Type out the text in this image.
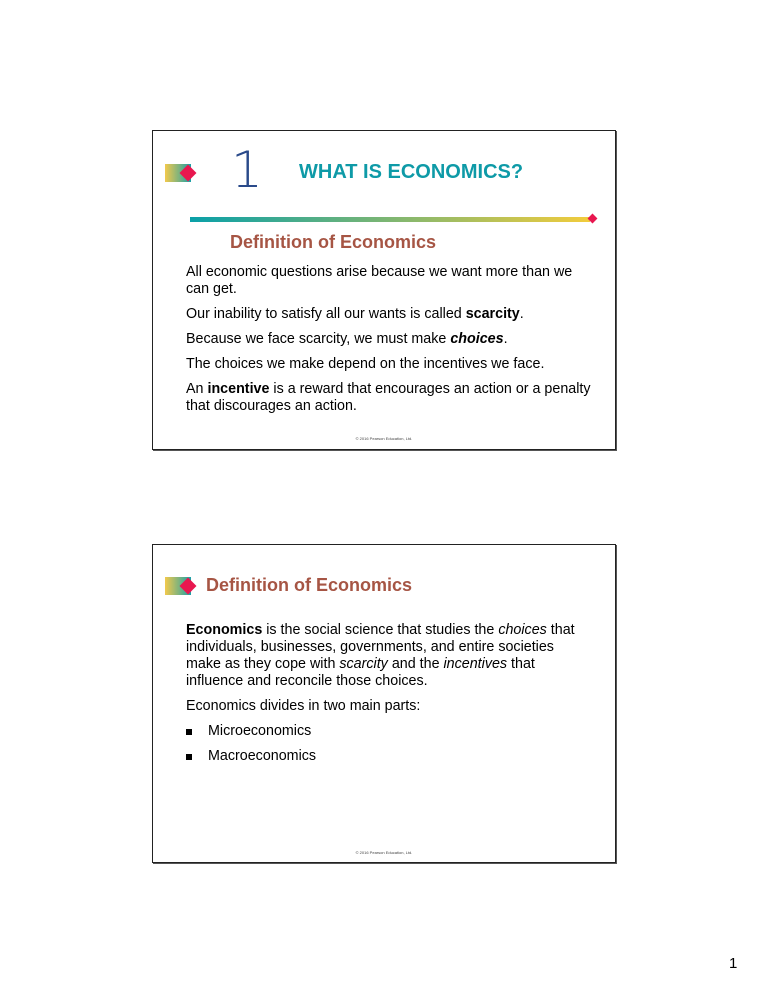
1 WHAT IS ECONOMICS?
Definition of Economics

All economic questions arise because we want more than we can get.

Our inability to satisfy all our wants is called scarcity.

Because we face scarcity, we must make choices.

The choices we make depend on the incentives we face.

An incentive is a reward that encourages an action or a penalty that discourages an action.

© 2016 Pearson Education, Ltd.
Definition of Economics

Economics is the social science that studies the choices that individuals, businesses, governments, and entire societies make as they cope with scarcity and the incentives that influence and reconcile those choices.

Economics divides in two main parts:

Microeconomics
Macroeconomics
© 2016 Pearson Education, Ltd.
1
